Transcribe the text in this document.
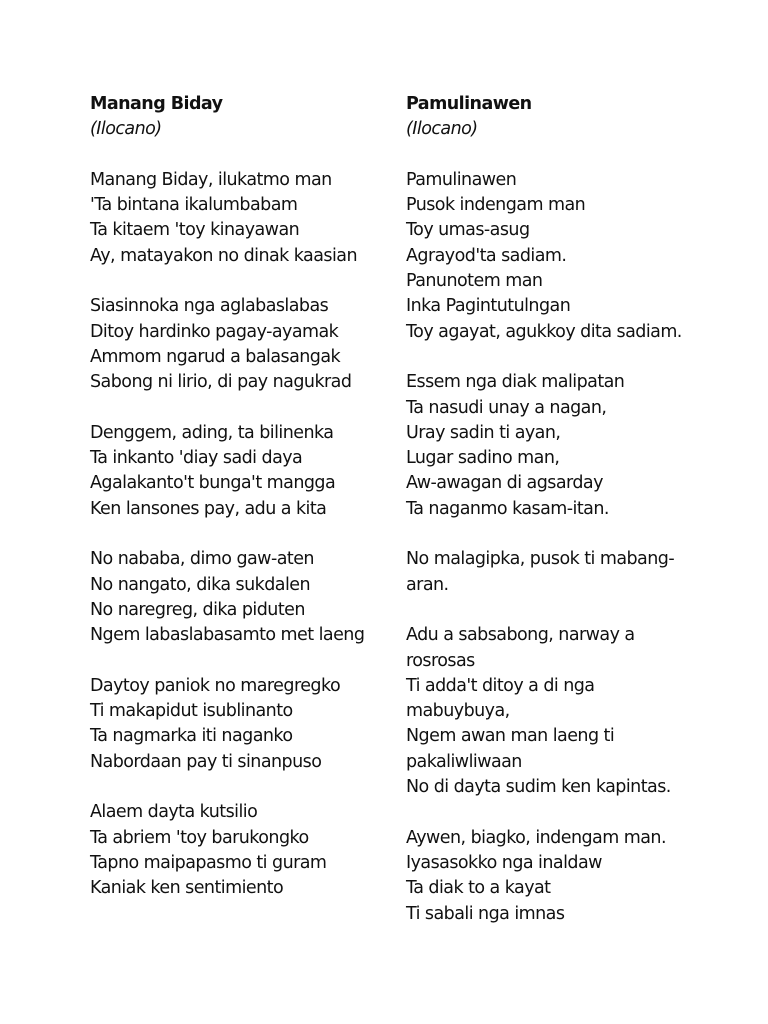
Manang Biday
(Ilocano)
Manang Biday, ilukatmo man
'Ta bintana ikalumbabam
Ta kitaem 'toy kinayawan
Ay, matayakon no dinak kaasian
Siasinnoka nga aglabaslabas
Ditoy hardinko pagay-ayamak
Ammom ngarud a balasangak
Sabong ni lirio, di pay nagukrad
Denggem, ading, ta bilinenka
Ta inkanto 'diay sadi daya
Agalakanto't bunga't mangga
Ken lansones pay, adu a kita
No nababa, dimo gaw-aten
No nangato, dika sukdalen
No naregreg, dika piduten
Ngem labaslabasamto met laeng
Daytoy paniok no maregregko
Ti makapidut isublinanto
Ta nagmarka iti naganko
Nabordaan pay ti sinanpuso
Alaem dayta kutsilio
Ta abriem 'toy barukongko
Tapno maipapasmo ti guram
Kaniak ken sentimiento
Pamulinawen
(Ilocano)
Pamulinawen
Pusok indengam man
Toy umas-asug
Agrayod'ta sadiam.
Panunotem man
Inka Pagintutulngan
Toy agayat, agukkoy dita sadiam.
Essem nga diak malipatan
Ta nasudi unay a nagan,
Uray sadin ti ayan,
Lugar sadino man,
Aw-awagan di agsarday
Ta naganmo kasam-itan.
No malagipka, pusok ti mabang-
aran.
Adu a sabsabong, narway a
rosrosas
Ti adda't ditoy a di nga
mabuybuya,
Ngem awan man laeng ti
pakaliwliwaan
No di dayta sudim ken kapintas.
Aywen, biagko, indengam man.
Iyasasokko nga inaldaw
Ta diak to a kayat
Ti sabali nga imnas
